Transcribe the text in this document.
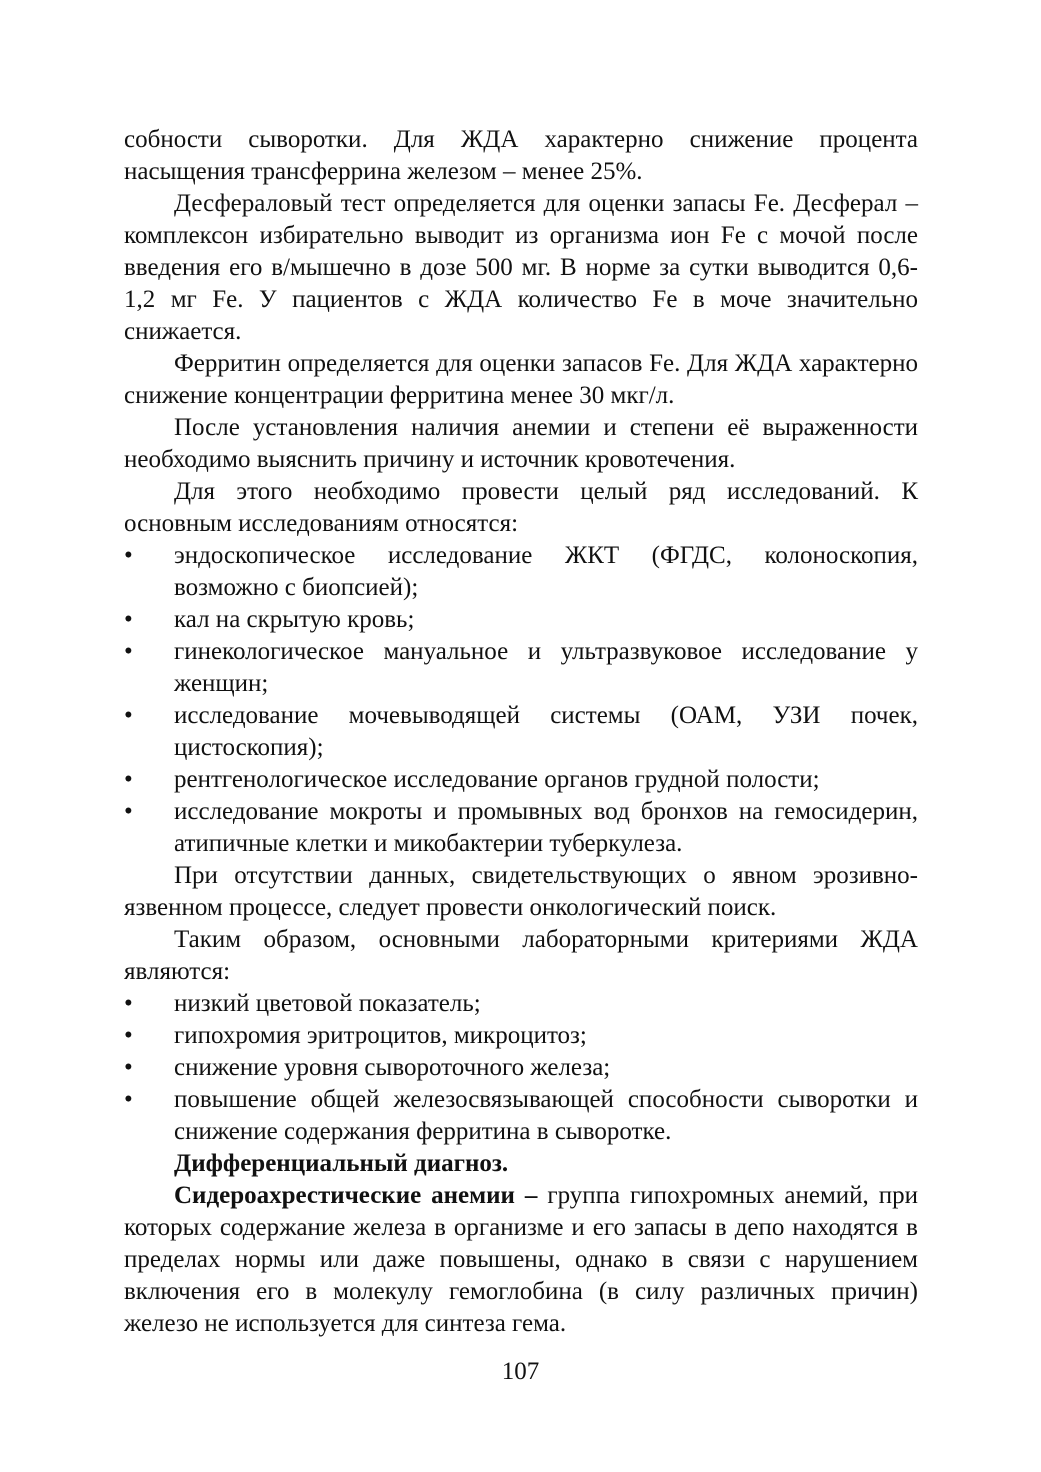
собности сыворотки. Для ЖДА характерно снижение процента насыщения трансферрина железом – менее 25%.

Десфераловый тест определяется для оценки запасы Fe. Десферал – комплексон избирательно выводит из организма ион Fe с мочой после введения его в/мышечно в дозе 500 мг. В норме за сутки выводится 0,6-1,2 мг Fe. У пациентов с ЖДА количество Fe в моче значительно снижается.

Ферритин определяется для оценки запасов Fe. Для ЖДА характерно снижение концентрации ферритина менее 30 мкг/л.

После установления наличия анемии и степени её выраженности необходимо выяснить причину и источник кровотечения.

Для этого необходимо провести целый ряд исследований. К основным исследованиям относятся:

• эндоскопическое исследование ЖКТ (ФГДС, колоноскопия, возможно с биопсией);
• кал на скрытую кровь;
• гинекологическое мануальное и ультразвуковое исследование у женщин;
• исследование мочевыводящей системы (ОАМ, УЗИ почек, цистоскопия);
• рентгенологическое исследование органов грудной полости;
• исследование мокроты и промывных вод бронхов на гемосидерин, атипичные клетки и микобактерии туберкулеза.

При отсутствии данных, свидетельствующих о явном эрозивно-язвенном процессе, следует провести онкологический поиск.

Таким образом, основными лабораторными критериями ЖДА являются:

• низкий цветовой показатель;
• гипохромия эритроцитов, микроцитоз;
• снижение уровня сывороточного железа;
• повышение общей железосвязывающей способности сыворотки и снижение содержания ферритина в сыворотке.

Дифференциальный диагноз.

Сидероахрестические анемии – группа гипохромных анемий, при которых содержание железа в организме и его запасы в депо находятся в пределах нормы или даже повышены, однако в связи с нарушением включения его в молекулу гемоглобина (в силу различных причин) железо не используется для синтеза гема.

107
